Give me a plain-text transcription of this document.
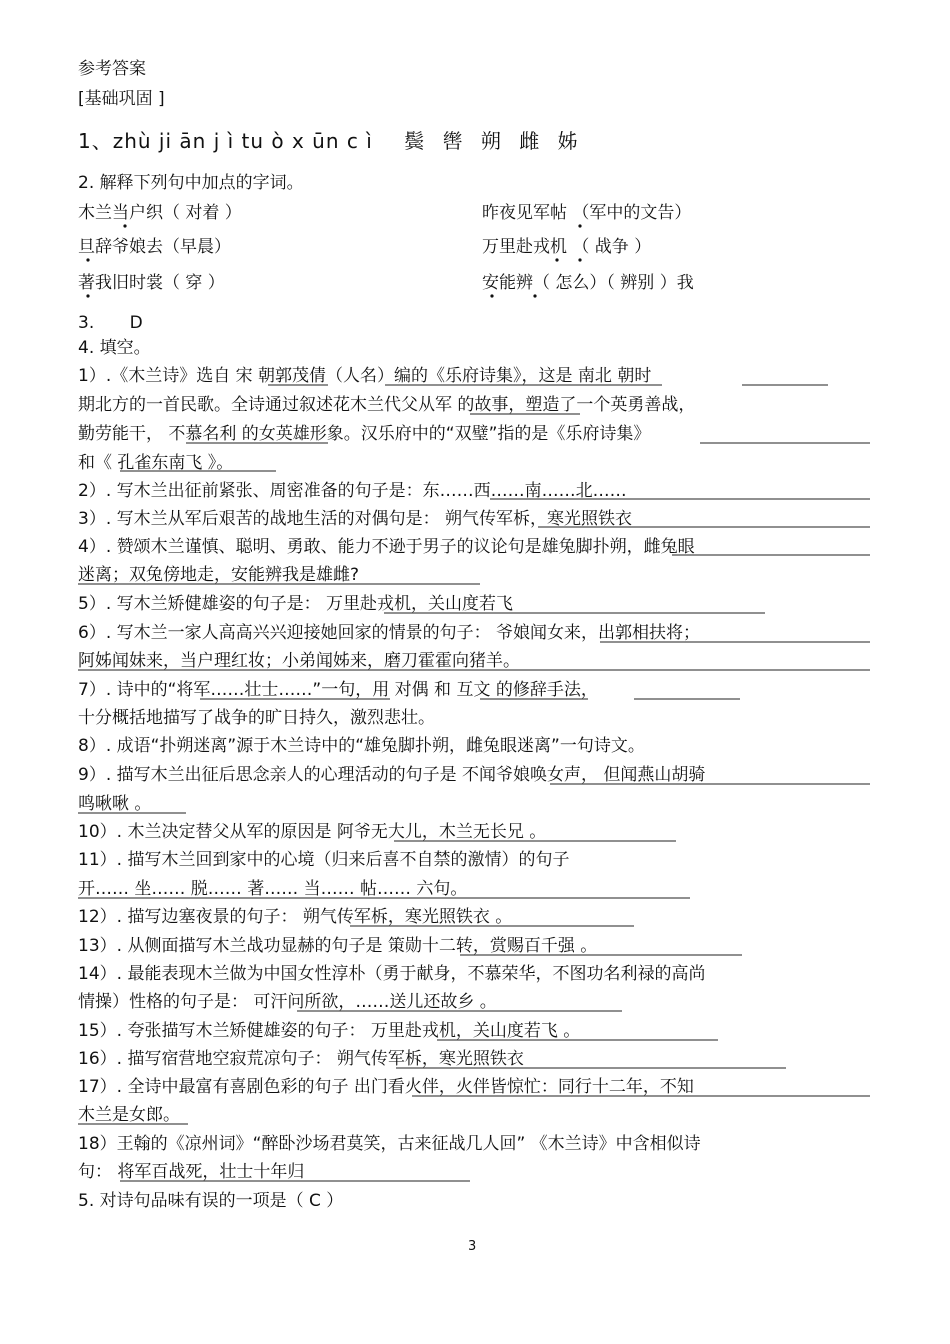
参考答案
[基础巩固 ]
1、zhù ji ān j ì tu ò x ūn c ì 鬓 辔 朔 雌 姊
2. 解释下列句中加点的字词。
木兰当户织（ 对着 ）	昨夜见军帖 （军中的文告）
旦辞爷娘去（早晨）	万里赴戎机 （ 战争 ）
著我旧时裳（ 穿 ）	安能辨（ 怎么）（ 辨别 ）我
3. D
4. 填空。
1）.《木兰诗》选自 宋 朝郭茂倩（人名）编的《乐府诗集》，这是 南北 朝时
期北方的一首民歌。全诗通过叙述花木兰代父从军 的故事，塑造了一个英勇善战，
勤劳能干， 不慕名利 的女英雄形象。汉乐府中的“双璧”指的是《乐府诗集》
和《 孔雀东南飞 》。
2）. 写木兰出征前紧张、周密准备的句子是：东……西……南……北……
3）. 写木兰从军后艰苦的战地生活的对偶句是： 朔气传军柝，寒光照铁衣
4）. 赞颂木兰谨慎、聪明、勇敢、能力不逊于男子的议论句是雄兔脚扑朔，雌兔眼
迷离；双兔傍地走，安能辨我是雄雌?
5）. 写木兰矫健雄姿的句子是： 万里赴戎机，关山度若飞
6）. 写木兰一家人高高兴兴迎接她回家的情景的句子： 爷娘闻女来，出郭相扶将；
阿姊闻妹来，当户理红妆；小弟闻姊来，磨刀霍霍向猪羊。
7）. 诗中的“将军……壮士……”一句，用 对偶 和 互文 的修辞手法，
十分概括地描写了战争的旷日持久，激烈悲壮。
8）. 成语“扑朔迷离”源于木兰诗中的“雄兔脚扑朔，雌兔眼迷离”一句诗文。
9）. 描写木兰出征后思念亲人的心理活动的句子是 不闻爷娘唤女声， 但闻燕山胡骑
鸣啾啾 。
10）. 木兰决定替父从军的原因是 阿爷无大儿，木兰无长兄 。
11）. 描写木兰回到家中的心境（归来后喜不自禁的激情）的句子
开…… 坐…… 脱…… 著…… 当…… 帖…… 六句。
12）. 描写边塞夜景的句子： 朔气传军柝，寒光照铁衣 。
13）. 从侧面描写木兰战功显赫的句子是 策勋十二转，赏赐百千强 。
14）. 最能表现木兰做为中国女性淳朴（勇于献身，不慕荣华，不图功名利禄的高尚
情操）性格的句子是： 可汗问所欲，……送儿还故乡 。
15）. 夸张描写木兰矫健雄姿的句子： 万里赴戎机，关山度若飞 。
16）. 描写宿营地空寂荒凉句子： 朔气传军柝，寒光照铁衣
17）. 全诗中最富有喜剧色彩的句子 出门看火伴，火伴皆惊忙：同行十二年，不知
木兰是女郎。
18）王翰的《凉州词》“醉卧沙场君莫笑，古来征战几人回” 《木兰诗》中含相似诗
句： 将军百战死，壮士十年归
5. 对诗句品味有误的一项是（ C ）
3
